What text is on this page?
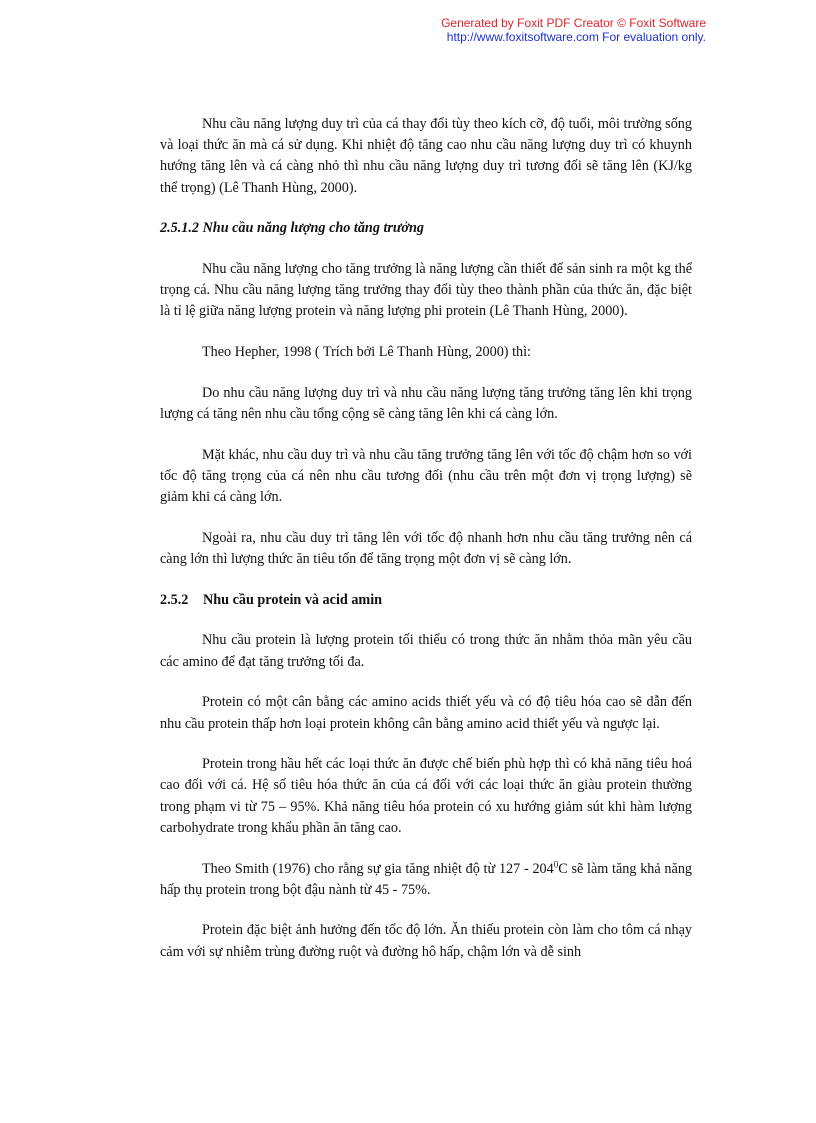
Generated by Foxit PDF Creator © Foxit Software
http://www.foxitsoftware.com For evaluation only.

Nhu cầu năng lượng duy trì của cá thay đổi tùy theo kích cỡ, độ tuổi, môi trường sống và loại thức ăn mà cá sử dụng. Khi nhiệt độ tăng cao nhu cầu năng lượng duy trì có khuynh hướng tăng lên và cá càng nhỏ thì nhu cầu năng lượng duy trì tương đối sẽ tăng lên (KJ/kg thể trọng) (Lê Thanh Hùng, 2000).

2.5.1.2 Nhu cầu năng lượng cho tăng trưởng

Nhu cầu năng lượng cho tăng trưởng là năng lượng cần thiết để sản sinh ra một kg thể trọng cá. Nhu cầu năng lượng tăng trưởng thay đổi tùy theo thành phần của thức ăn, đặc biệt là tỉ lệ giữa năng lượng protein và năng lượng phi protein (Lê Thanh Hùng, 2000).

Theo Hepher, 1998 ( Trích bởi Lê Thanh Hùng, 2000) thì:

Do nhu cầu năng lượng duy trì và nhu cầu năng lượng tăng trưởng tăng lên khi trọng lượng cá tăng nên nhu cầu tổng cộng sẽ càng tăng lên khi cá càng lớn.

Mặt khác, nhu cầu duy trì và nhu cầu tăng trưởng tăng lên với tốc độ chậm hơn so với tốc độ tăng trọng của cá nên nhu cầu tương đối (nhu cầu trên một đơn vị trọng lượng) sẽ giảm khi cá càng lớn.

Ngoài ra, nhu cầu duy trì tăng lên với tốc độ nhanh hơn nhu cầu tăng trưởng nên cá càng lớn thì lượng thức ăn tiêu tốn để tăng trọng một đơn vị sẽ càng lớn.

2.5.2 Nhu cầu protein và acid amin

Nhu cầu protein là lượng protein tối thiểu có trong thức ăn nhằm thỏa mãn yêu cầu các amino để đạt tăng trưởng tối đa.

Protein có một cân bằng các amino acids thiết yếu và có độ tiêu hóa cao sẽ dẫn đến nhu cầu protein thấp hơn loại protein không cân bằng amino acid thiết yếu và ngược lại.

Protein trong hầu hết các loại thức ăn được chế biến phù hợp thì có khả năng tiêu hoá cao đối với cá. Hệ số tiêu hóa thức ăn của cá đối với các loại thức ăn giàu protein thường trong phạm vi từ 75 – 95%. Khả năng tiêu hóa protein có xu hướng giảm sút khi hàm lượng carbohydrate trong khẩu phần ăn tăng cao.

Theo Smith (1976) cho rằng sự gia tăng nhiệt độ từ $127 - 204^0C$ sẽ làm tăng khả năng hấp thụ protein trong bột đậu nành từ 45 - 75%.

Protein đặc biệt ảnh hưởng đến tốc độ lớn. Ăn thiếu protein còn làm cho tôm cá nhạy cảm với sự nhiễm trùng đường ruột và đường hô hấp, chậm lớn và dễ sinh
